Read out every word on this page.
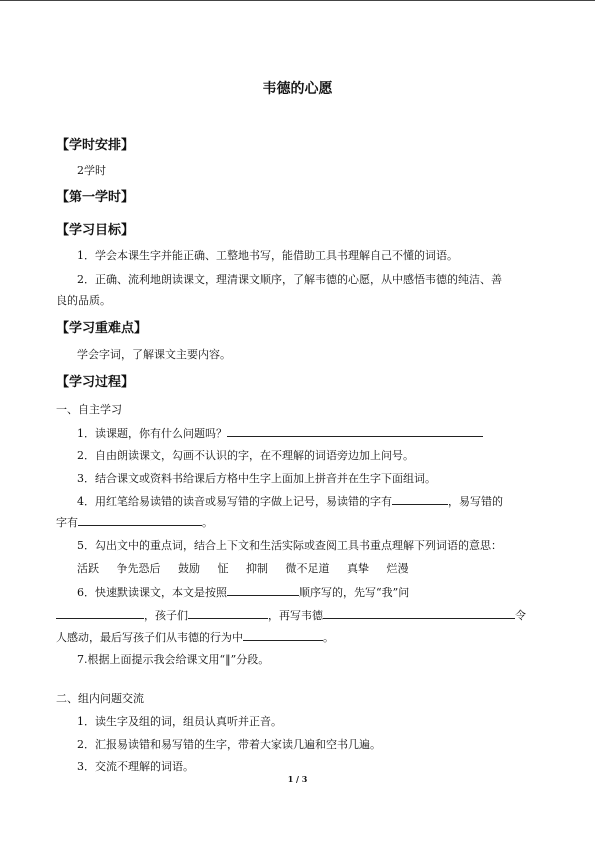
韦德的心愿
【学时安排】
2学时
【第一学时】
【学习目标】
1．学会本课生字并能正确、工整地书写，能借助工具书理解自己不懂的词语。
2．正确、流利地朗读课文，理清课文顺序，了解韦德的心愿，从中感悟韦德的纯洁、善
良的品质。
【学习重难点】
学会字词，了解课文主要内容。
【学习过程】
一、自主学习
1．读课题，你有什么问题吗？
2．自由朗读课文，勾画不认识的字，在不理解的词语旁边加上问号。
3．结合课文或资料书给课后方格中生字上面加上拼音并在生字下面组词。
4．用红笔给易读错的读音或易写错的字做上记号，易读错的字有	，易写错的
字有	。
5．勾出文中的重点词，结合上下文和生活实际或查阅工具书重点理解下列词语的意思：
活跃 争先恐后 鼓励 怔 抑制 微不足道 真挚 烂漫
6．快速默读课文，本文是按照	顺序写的，先写“我”问
，孩子们	，再写韦德	令
人感动，最后写孩子们从韦德的行为中	。
7.根据上面提示我会给课文用“‖”分段。
二、组内问题交流
1．读生字及组的词，组员认真听并正音。
2．汇报易读错和易写错的生字，带着大家读几遍和空书几遍。
3．交流不理解的词语。
1 / 3
